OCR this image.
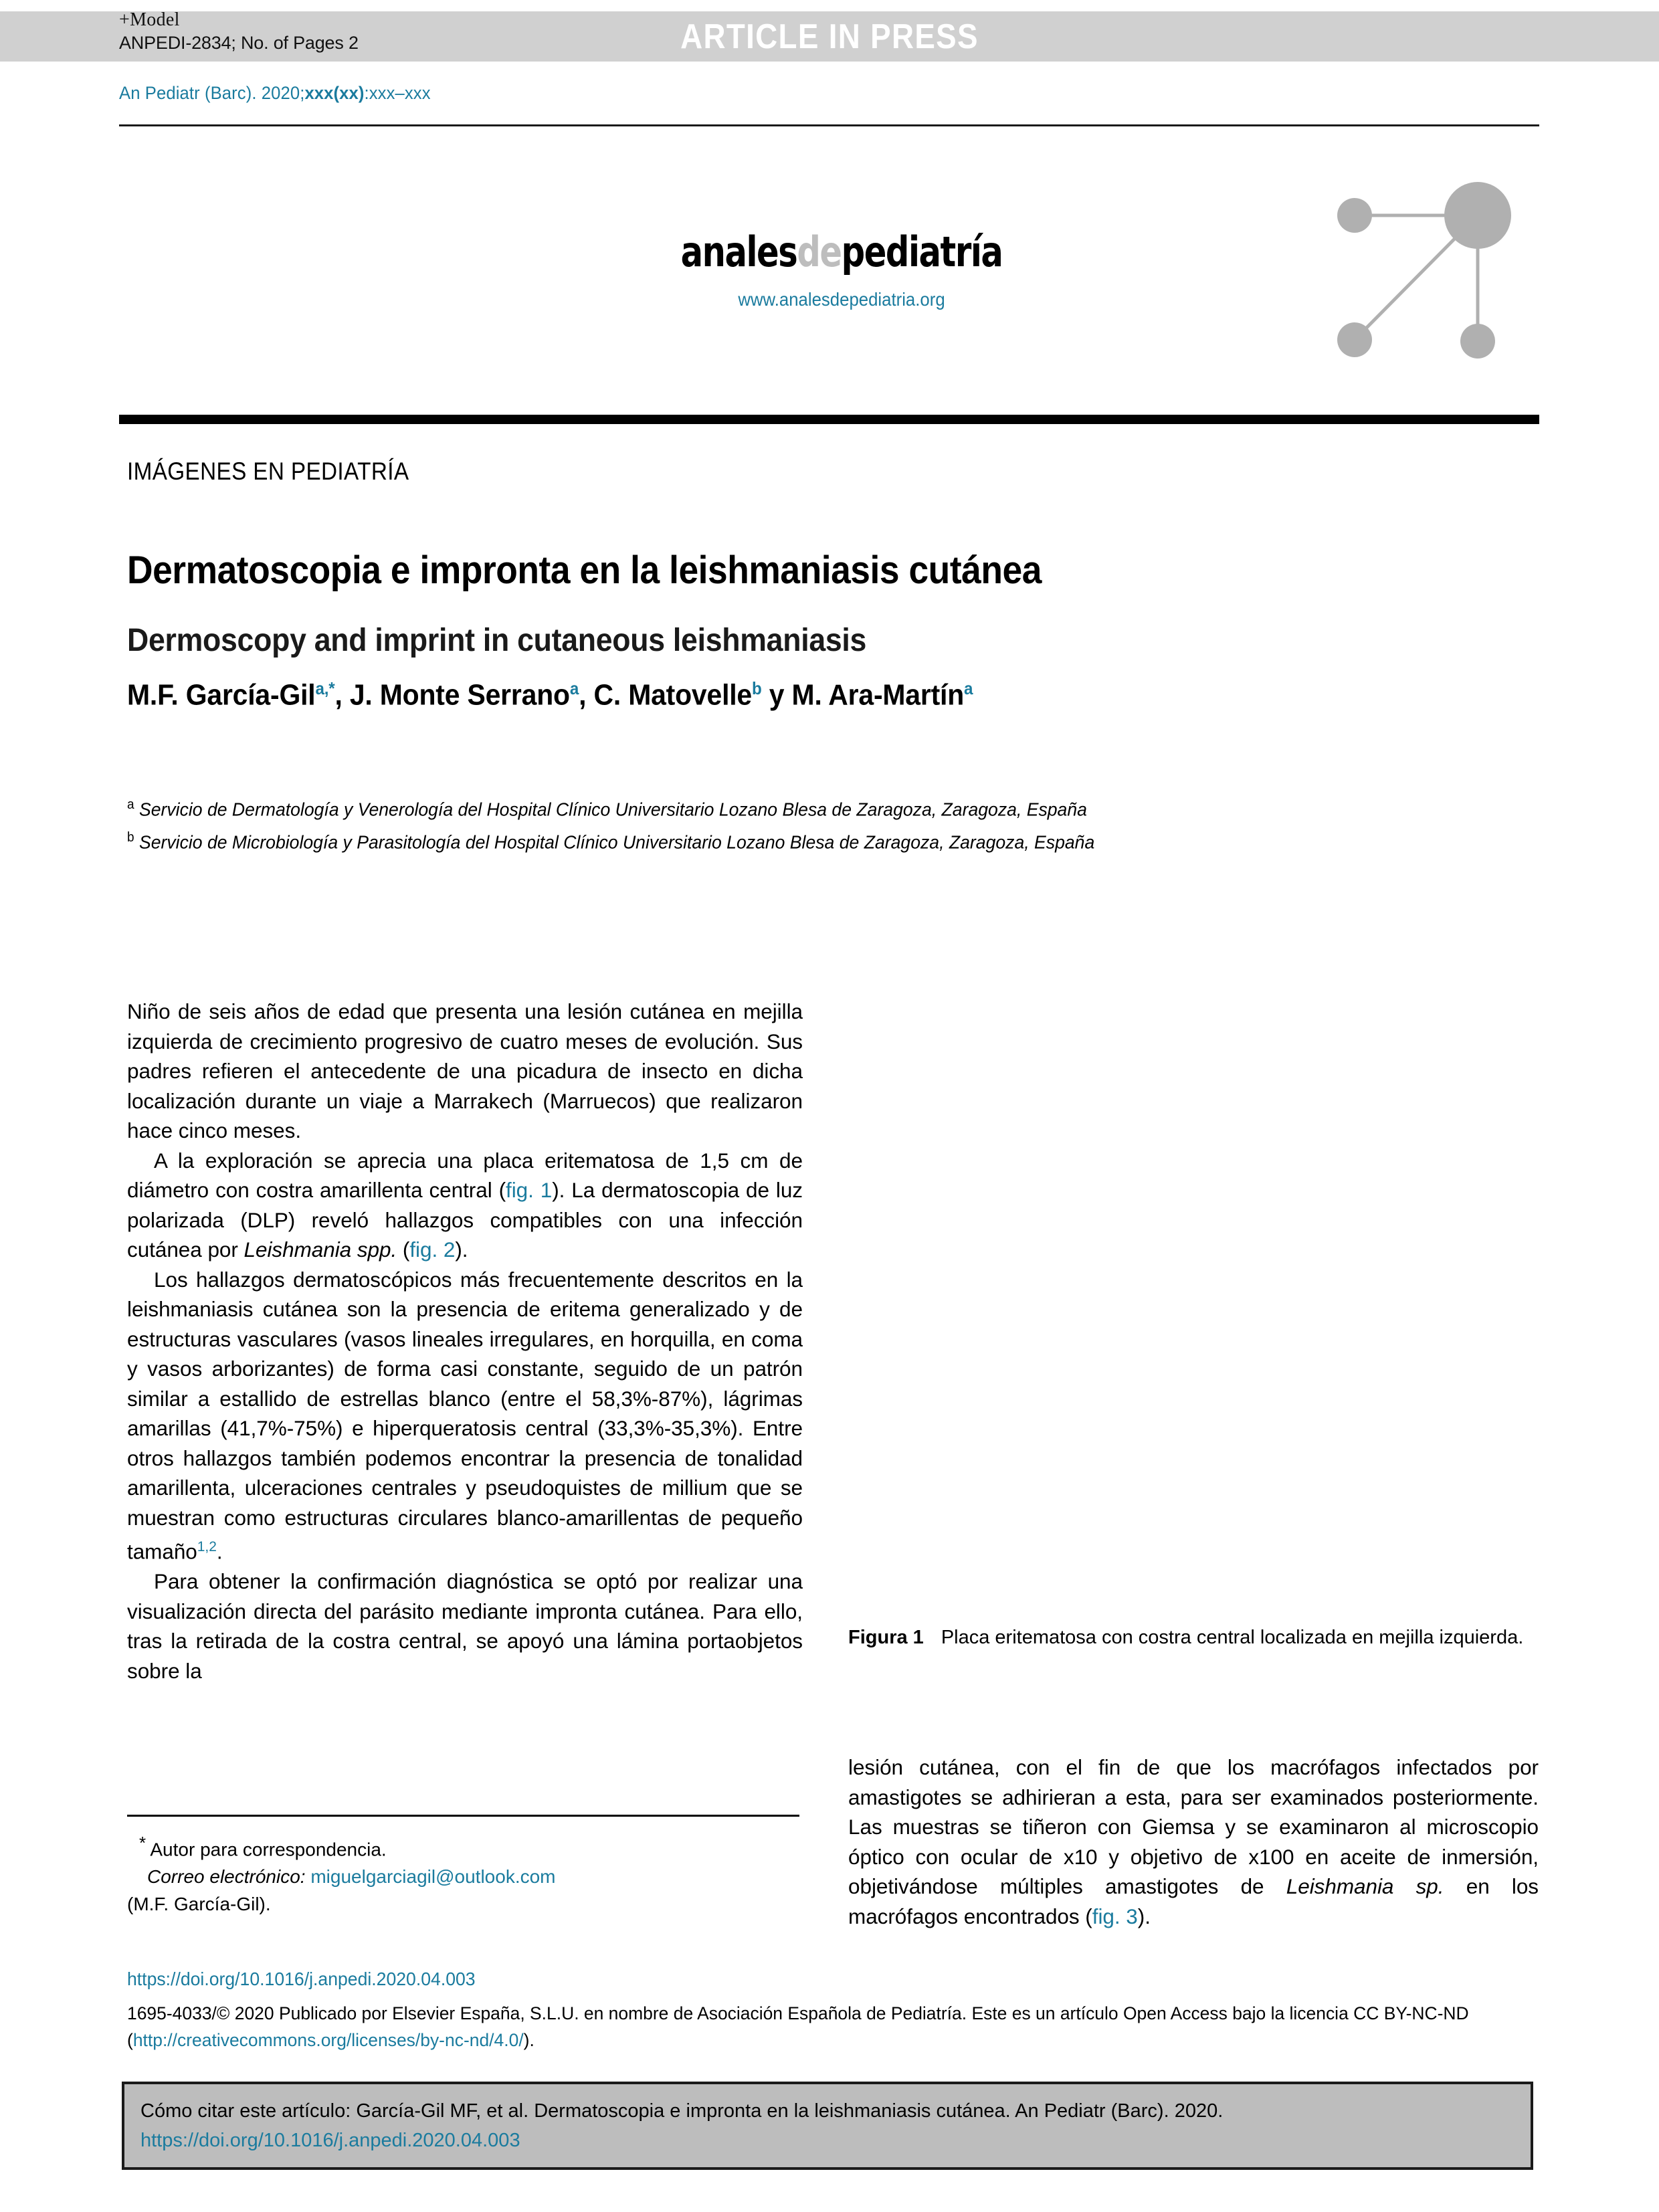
ARTICLE IN PRESS
+Model
ANPEDI-2834; No. of Pages 2
An Pediatr (Barc). 2020;xxx(xx):xxx–xxx
analesdepediatría
www.analesdepediatria.org
IMÁGENES EN PEDIATRÍA
Dermatoscopia e impronta en la leishmaniasis cutánea
Dermoscopy and imprint in cutaneous leishmaniasis
M.F. García-Gil$^{a,*}$, J. Monte Serrano$^a$, C. Matovelle$^b$ y M. Ara-Martín$^a$
$^a$ Servicio de Dermatología y Venerología del Hospital Clínico Universitario Lozano Blesa de Zaragoza, Zaragoza, España
$^b$ Servicio de Microbiología y Parasitología del Hospital Clínico Universitario Lozano Blesa de Zaragoza, Zaragoza, España

Niño de seis años de edad que presenta una lesión cutánea en mejilla izquierda de crecimiento progresivo de cuatro meses de evolución. Sus padres refieren el antecedente de una picadura de insecto en dicha localización durante un viaje a Marrakech (Marruecos) que realizaron hace cinco meses.

A la exploración se aprecia una placa eritematosa de 1,5 cm de diámetro con costra amarillenta central (fig. 1). La dermatoscopia de luz polarizada (DLP) reveló hallazgos compatibles con una infección cutánea por Leishmania spp. (fig. 2).

Los hallazgos dermatoscópicos más frecuentemente descritos en la leishmaniasis cutánea son la presencia de eritema generalizado y de estructuras vasculares (vasos lineales irregulares, en horquilla, en coma y vasos arborizantes) de forma casi constante, seguido de un patrón similar a estallido de estrellas blanco (entre el 58,3%-87%), lágrimas amarillas (41,7%-75%) e hiperqueratosis central (33,3%-35,3%). Entre otros hallazgos también podemos encontrar la presencia de tonalidad amarillenta, ulceraciones centrales y pseudoquistes de millium que se muestran como estructuras circulares blanco-amarillentas de pequeño tamaño$^{1,2}$.

Para obtener la confirmación diagnóstica se optó por realizar una visualización directa del parásito mediante impronta cutánea. Para ello, tras la retirada de la costra central, se apoyó una lámina portaobjetos sobre la

Figura 1 Placa eritematosa con costra central localizada en mejilla izquierda.

lesión cutánea, con el fin de que los macrófagos infectados por amastigotes se adhirieran a esta, para ser examinados posteriormente. Las muestras se tiñeron con Giemsa y se examinaron al microscopio óptico con ocular de x10 y objetivo de x100 en aceite de inmersión, objetivándose múltiples amastigotes de Leishmania sp. en los macrófagos encontrados (fig. 3).

* Autor para correspondencia.
Correo electrónico: miguelgarciagil@outlook.com
(M.F. García-Gil).
https://doi.org/10.1016/j.anpedi.2020.04.003
1695-4033/© 2020 Publicado por Elsevier España, S.L.U. en nombre de Asociación Española de Pediatría. Este es un artículo Open Access bajo la licencia CC BY-NC-ND (http://creativecommons.org/licenses/by-nc-nd/4.0/).
Cómo citar este artículo: García-Gil MF, et al. Dermatoscopia e impronta en la leishmaniasis cutánea. An Pediatr (Barc). 2020. https://doi.org/10.1016/j.anpedi.2020.04.003
